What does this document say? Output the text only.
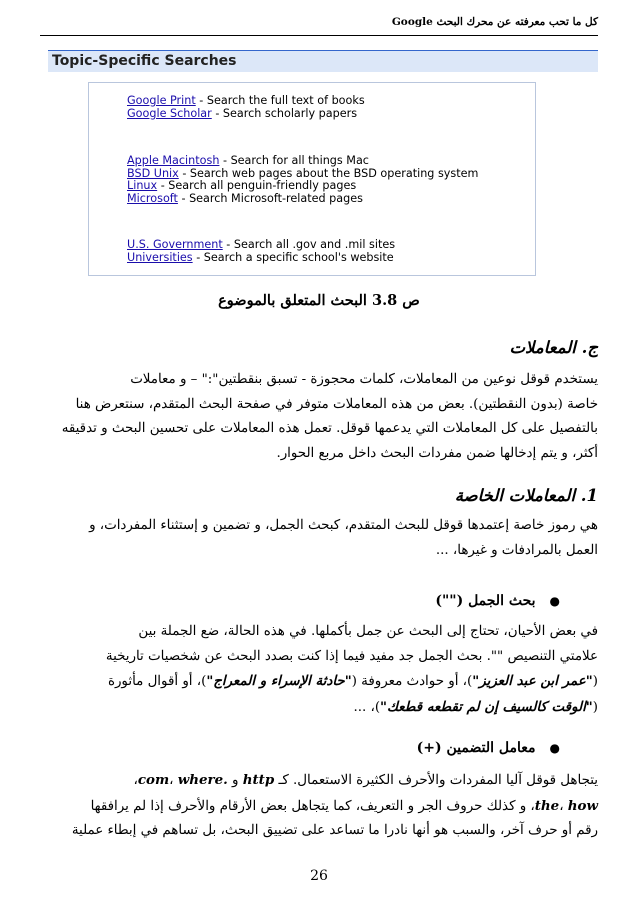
كل ما تحب معرفته عن محرك البحث Google
Topic-Specific Searches
Google Print - Search the full text of books
Google Scholar - Search scholarly papers
Apple Macintosh - Search for all things Mac
BSD Unix - Search web pages about the BSD operating system
Linux - Search all penguin-friendly pages
Microsoft - Search Microsoft-related pages
U.S. Government - Search all .gov and .mil sites
Universities - Search a specific school's website
ص 3.8 البحث المتعلق بالموضوع
ج. المعاملات

يستخدم قوقل نوعين من المعاملات، كلمات محجوزة - تسبق بنقطتين":" – و معاملات

خاصة (بدون النقطتين). بعض من هذه المعاملات متوفر في صفحة البحث المتقدم، سنتعرض هنا

بالتفصيل على كل المعاملات التي يدعمها قوقل. تعمل هذه المعاملات على تحسين البحث و تدقيقه

أكثر، و يتم إدخالها ضمن مفردات البحث داخل مربع الحوار.

1. المعاملات الخاصة

هي رموز خاصة إعتمدها قوقل للبحث المتقدم، كبحث الجمل، و تضمين و إستثناء المفردات، و

العمل بالمرادفات و غيرها، ...

●بحث الجمل ("")

في بعض الأحيان، تحتاج إلى البحث عن جمل بأكملها. في هذه الحالة، ضع الجملة بين

علامتي التنصيص "". بحث الجمل جد مفيد فيما إذا كنت بصدد البحث عن شخصيات تاريخية

("عمر ابن عبد العزيز")، أو حوادث معروفة ("حادثة الإسراء و المعراج")، أو أقوال مأثورة

("الوقت كالسيف إن لم تقطعه قطعك")، ...

●معامل التضمين (+)

يتجاهل قوقل آليا المفردات والأحرف الكثيرة الاستعمال. كـ http و .com، where،

the، how، و كذلك حروف الجر و التعريف، كما يتجاهل بعض الأرقام والأحرف إذا لم يرافقها

رقم أو حرف آخر، والسبب هو أنها نادرا ما تساعد على تضييق البحث، بل تساهم في إبطاء عملية

26
